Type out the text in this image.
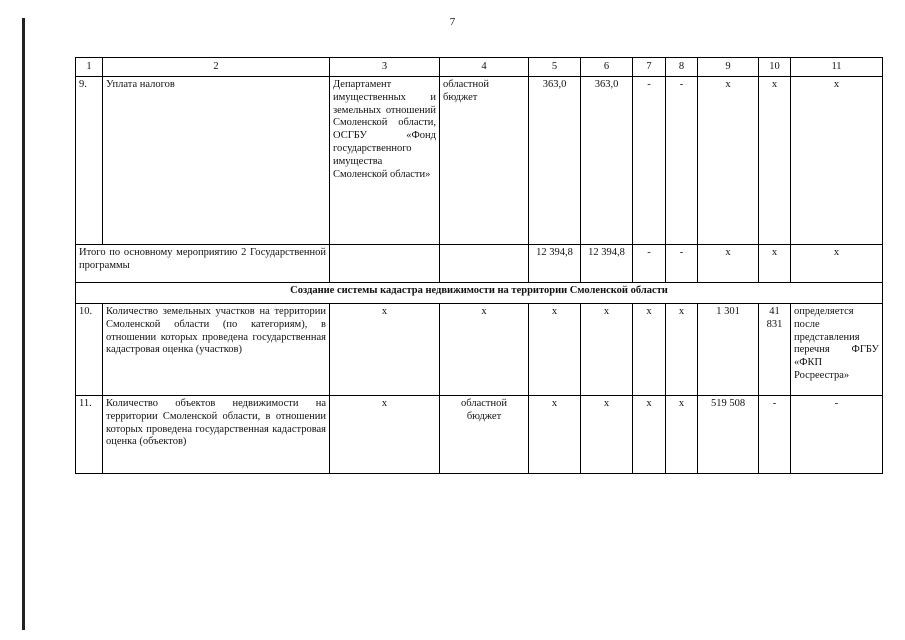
7
1	2	3	4	5	6	7	8	9	10	11
9.	Уплата налогов	Департамент имущественных и земельных отношений Смоленской области, ОСГБУ «Фонд государственного имущества Смоленской области»	областной бюджет	363,0	363,0	-	-	х	х	х
Итого по основному мероприятию 2 Государственной программы				12 394,8	12 394,8	-	-	х	х	х
Создание системы кадастра недвижимости на территории Смоленской области										
10.	Количество земельных участков на территории Смоленской области (по категориям), в отношении которых проведена государственная кадастровая оценка (участков)	х	х	х	х	х	х	1 301	41 831	определяется после представления перечня ФГБУ «ФКП Росреестра»
11.	Количество объектов недвижимости на территории Смоленской области, в отношении которых проведена государственная кадастровая оценка (объектов)	х	областной бюджет	х	х	х	х	519 508	-	-
